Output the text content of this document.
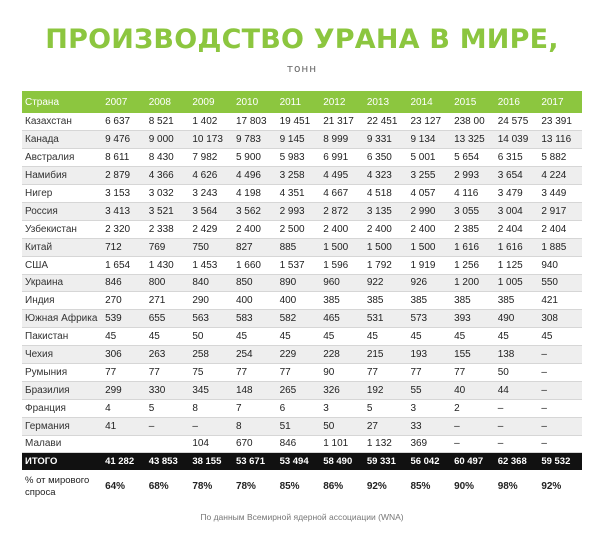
ПРОИЗВОДСТВО УРАНА В МИРЕ,
тонн
Страна	2007	2008	2009	2010	2011	2012	2013	2014	2015	2016	2017
Казахстан	6 637	8 521	1 402	17 803	19 451	21 317	22 451	23 127	238 00	24 575	23 391
Канада	9 476	9 000	10 173	9 783	9 145	8 999	9 331	9 134	13 325	14 039	13 116
Австралия	8 611	8 430	7 982	5 900	5 983	6 991	6 350	5 001	5 654	6 315	5 882
Намибия	2 879	4 366	4 626	4 496	3 258	4 495	4 323	3 255	2 993	3 654	4 224
Нигер	3 153	3 032	3 243	4 198	4 351	4 667	4 518	4 057	4 116	3 479	3 449
Россия	3 413	3 521	3 564	3 562	2 993	2 872	3 135	2 990	3 055	3 004	2 917
Узбекистан	2 320	2 338	2 429	2 400	2 500	2 400	2 400	2 400	2 385	2 404	2 404
Китай	712	769	750	827	885	1 500	1 500	1 500	1 616	1 616	1 885
США	1 654	1 430	1 453	1 660	1 537	1 596	1 792	1 919	1 256	1 125	940
Украина	846	800	840	850	890	960	922	926	1 200	1 005	550
Индия	270	271	290	400	400	385	385	385	385	385	421
Южная Африка	539	655	563	583	582	465	531	573	393	490	308
Пакистан	45	45	50	45	45	45	45	45	45	45	45
Чехия	306	263	258	254	229	228	215	193	155	138	–
Румыния	77	77	75	77	77	90	77	77	77	50	–
Бразилия	299	330	345	148	265	326	192	55	40	44	–
Франция	4	5	8	7	6	3	5	3	2	–	–
Германия	41	–	–	8	51	50	27	33	–	–	–
Малави			104	670	846	1 101	1 132	369	–	–	–
ИТОГО	41 282	43 853	38 155	53 671	53 494	58 490	59 331	56 042	60 497	62 368	59 532
% от мирового спроса	64%	68%	78%	78%	85%	86%	92%	85%	90%	98%	92%
По данным Всемирной ядерной ассоциации (WNA)
